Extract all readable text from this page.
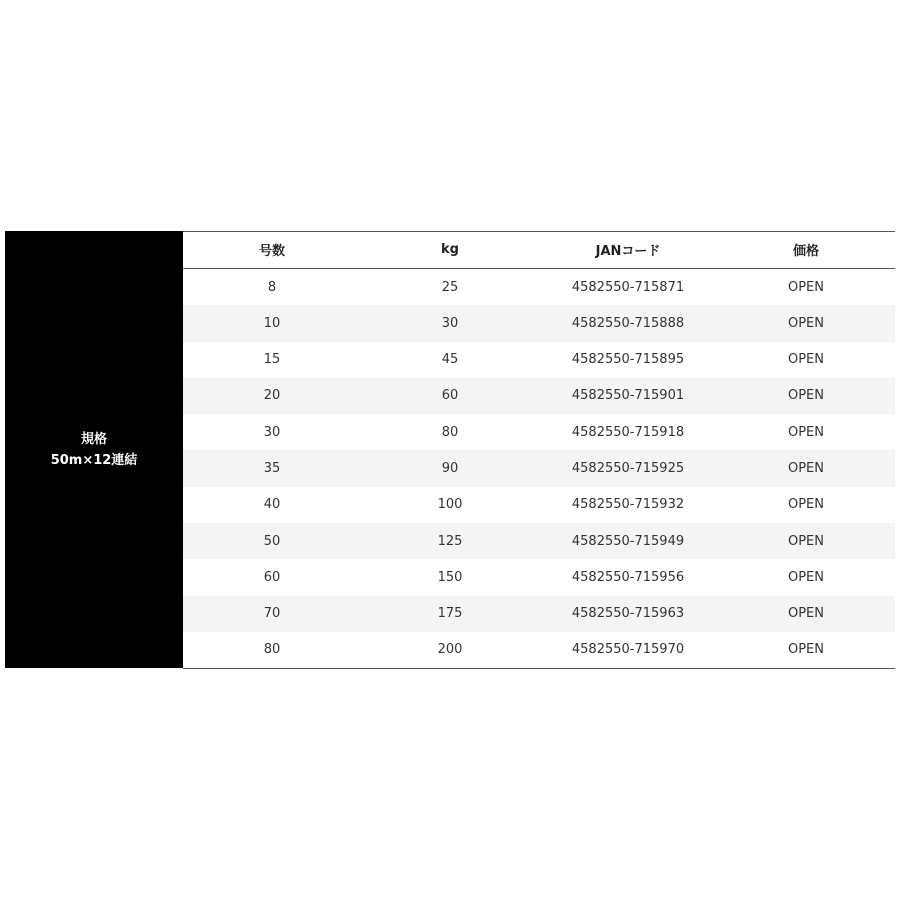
規格
50m×12連結
号数	kg	JANコード	価格
8	25	4582550-715871	OPEN
10	30	4582550-715888	OPEN
15	45	4582550-715895	OPEN
20	60	4582550-715901	OPEN
30	80	4582550-715918	OPEN
35	90	4582550-715925	OPEN
40	100	4582550-715932	OPEN
50	125	4582550-715949	OPEN
60	150	4582550-715956	OPEN
70	175	4582550-715963	OPEN
80	200	4582550-715970	OPEN
